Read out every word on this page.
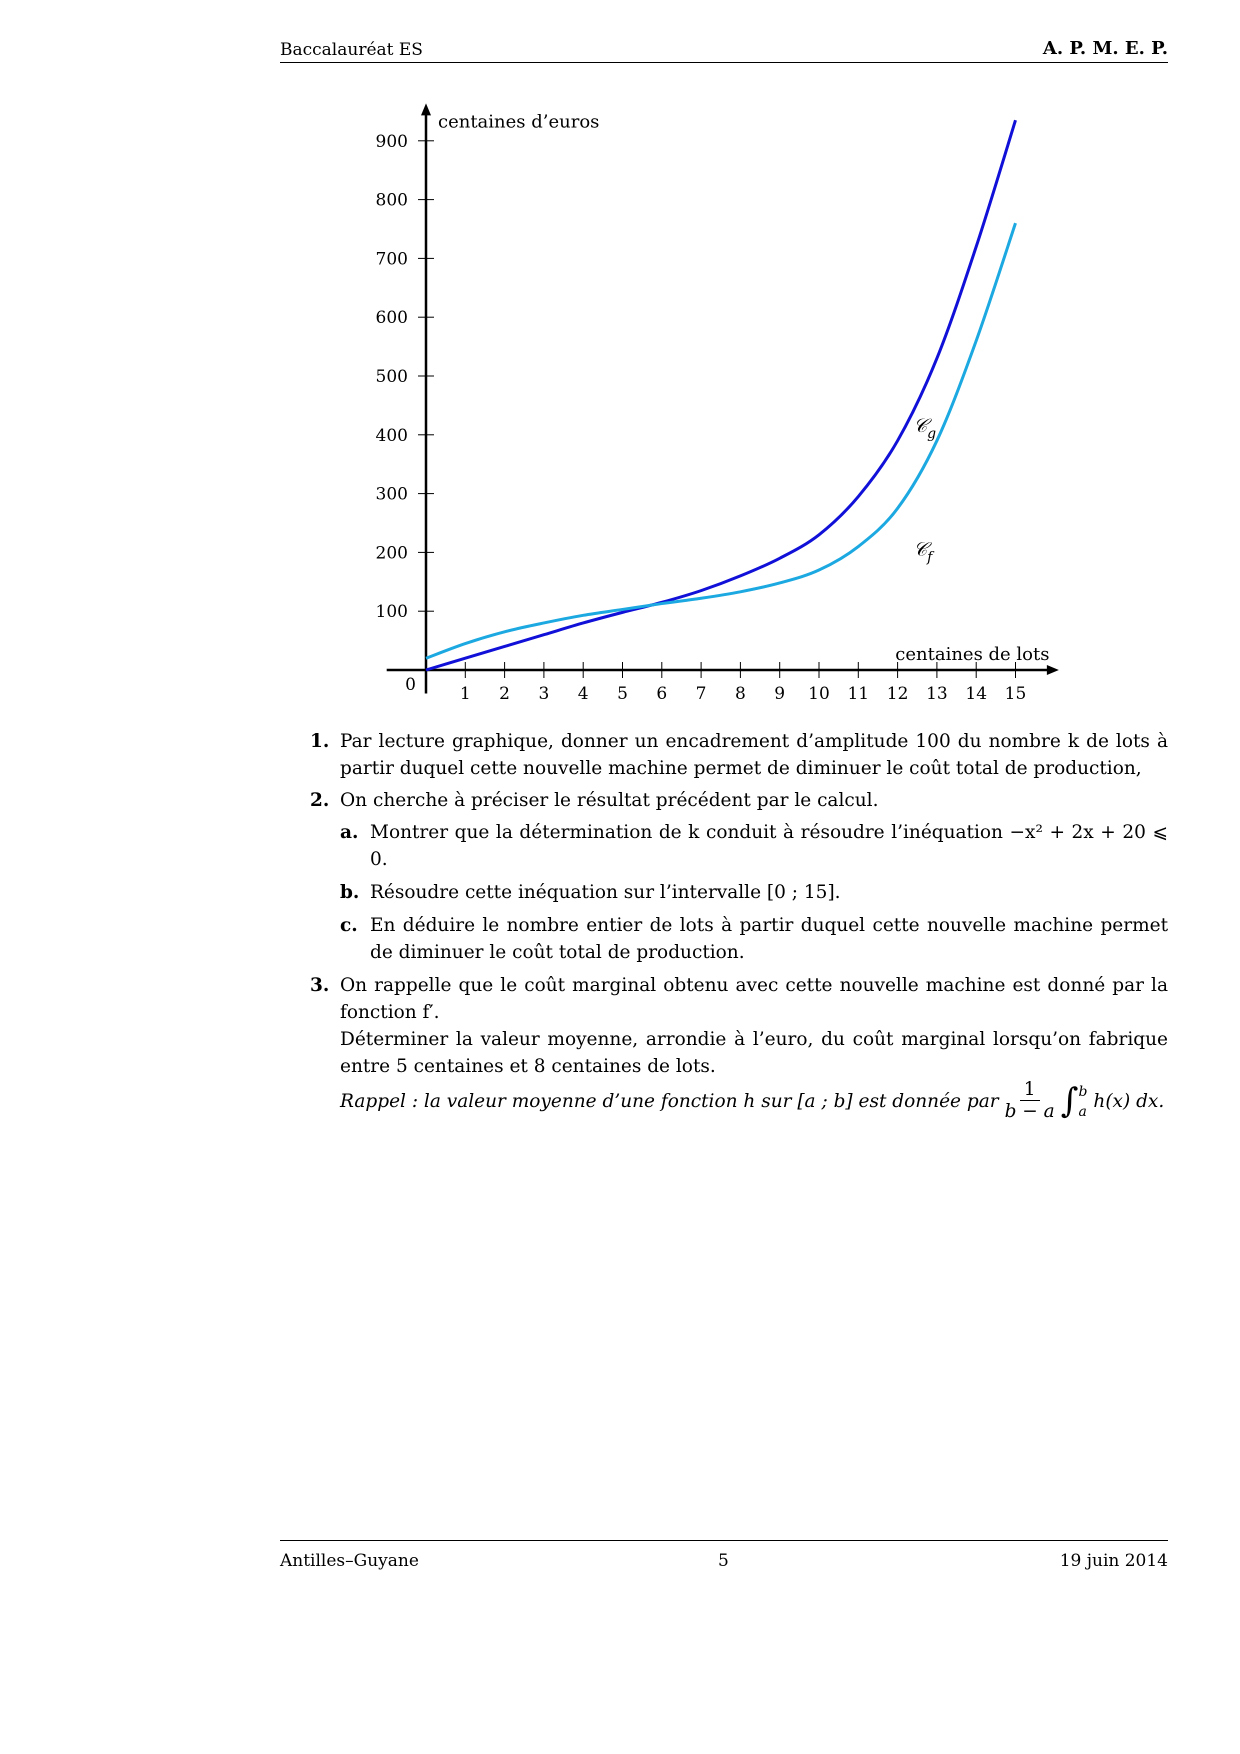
Baccalauréat ES	A. P. M. E. P.
1 2 3 4 5 6 7 8 9 10 11 12 13 14 15
100
200
300
400
500
600
700
800
900
0
centaines d’euros
centaines de lots
𝒞$_g$
𝒞$_f$
1. Par lecture graphique, donner un encadrement d’amplitude 100 du nombre k de lots à partir duquel cette nouvelle machine permet de diminuer le coût total de production,
2. On cherche à préciser le résultat précédent par le calcul.
a. Montrer que la détermination de k conduit à résoudre l’inéquation −x² + 2x + 20 ⩽ 0.
b. Résoudre cette inéquation sur l’intervalle [0 ; 15].
c. En déduire le nombre entier de lots à partir duquel cette nouvelle machine permet de diminuer le coût total de production.
3. On rappelle que le coût marginal obtenu avec cette nouvelle machine est donné par la fonction f′.
Déterminer la valeur moyenne, arrondie à l’euro, du coût marginal lorsqu’on fabrique entre 5 centaines et 8 centaines de lots.
Rappel : la valeur moyenne d’une fonction h sur [a ; b] est donnée par $\frac{1}{b - a}$ ∫ b
a h(x) dx.
Antilles–Guyane	5	19 juin 2014
